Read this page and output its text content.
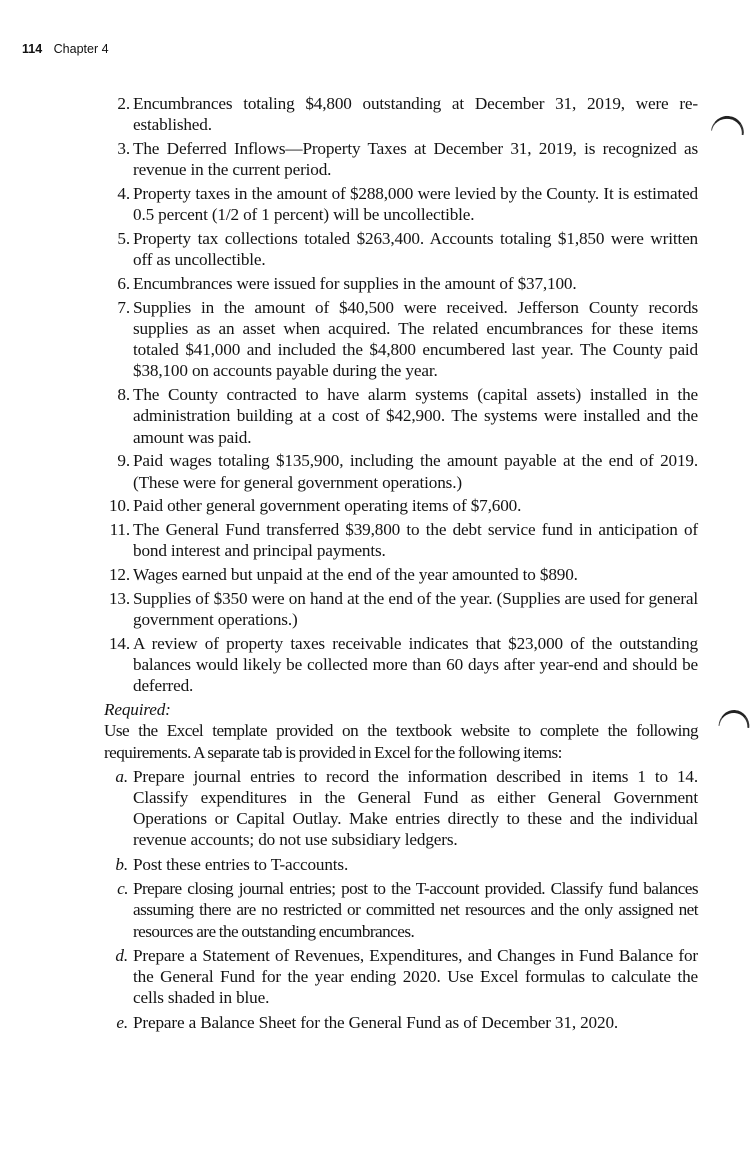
114 Chapter 4
2. Encumbrances totaling $4,800 outstanding at December 31, 2019, were re-established.
3. The Deferred Inflows—Property Taxes at December 31, 2019, is recognized as revenue in the current period.
4. Property taxes in the amount of $288,000 were levied by the County. It is estimated 0.5 percent (1/2 of 1 percent) will be uncollectible.
5. Property tax collections totaled $263,400. Accounts totaling $1,850 were written off as uncollectible.
6. Encumbrances were issued for supplies in the amount of $37,100.
7. Supplies in the amount of $40,500 were received. Jefferson County records supplies as an asset when acquired. The related encumbrances for these items totaled $41,000 and included the $4,800 encumbered last year. The County paid $38,100 on accounts payable during the year.
8. The County contracted to have alarm systems (capital assets) installed in the administration building at a cost of $42,900. The systems were installed and the amount was paid.
9. Paid wages totaling $135,900, including the amount payable at the end of 2019. (These were for general government operations.)
10. Paid other general government operating items of $7,600.
11. The General Fund transferred $39,800 to the debt service fund in anticipation of bond interest and principal payments.
12. Wages earned but unpaid at the end of the year amounted to $890.
13. Supplies of $350 were on hand at the end of the year. (Supplies are used for general government operations.)
14. A review of property taxes receivable indicates that $23,000 of the outstanding balances would likely be collected more than 60 days after year-end and should be deferred.
Required:
Use the Excel template provided on the textbook website to complete the following requirements. A separate tab is provided in Excel for the following items:
a. Prepare journal entries to record the information described in items 1 to 14. Classify expenditures in the General Fund as either General Government Operations or Capital Outlay. Make entries directly to these and the individual revenue accounts; do not use subsidiary ledgers.
b. Post these entries to T-accounts.
c. Prepare closing journal entries; post to the T-account provided. Classify fund balances assuming there are no restricted or committed net resources and the only assigned net resources are the outstanding encumbrances.
d. Prepare a Statement of Revenues, Expenditures, and Changes in Fund Balance for the General Fund for the year ending 2020. Use Excel formulas to calculate the cells shaded in blue.
e. Prepare a Balance Sheet for the General Fund as of December 31, 2020.
